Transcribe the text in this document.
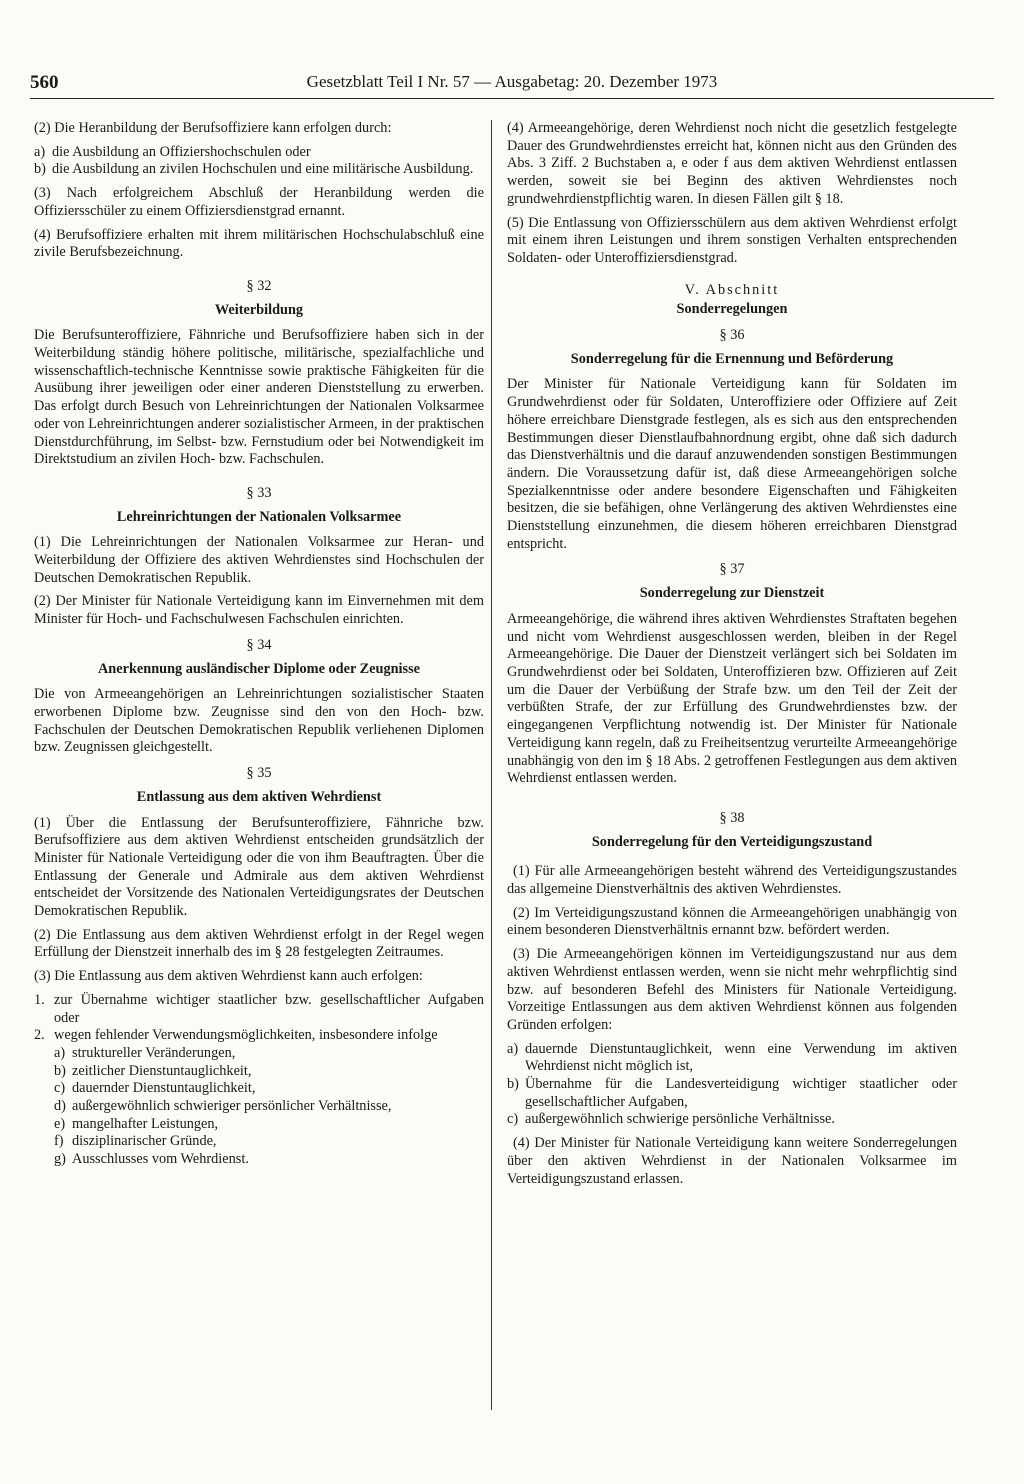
560	Gesetzblatt Teil I Nr. 57 — Ausgabetag: 20. Dezember 1973

(2) Die Heranbildung der Berufsoffiziere kann erfolgen durch:

a) die Ausbildung an Offiziershochschulen oder
b) die Ausbildung an zivilen Hochschulen und eine militärische Ausbildung.

(3) Nach erfolgreichem Abschluß der Heranbildung werden die Offiziersschüler zu einem Offiziersdienstgrad ernannt.

(4) Berufsoffiziere erhalten mit ihrem militärischen Hochschulabschluß eine zivile Berufsbezeichnung.

§ 32
Weiterbildung

Die Berufsunteroffiziere, Fähnriche und Berufsoffiziere haben sich in der Weiterbildung ständig höhere politische, militärische, spezialfachliche und wissenschaftlich-technische Kenntnisse sowie praktische Fähigkeiten für die Ausübung ihrer jeweiligen oder einer anderen Dienststellung zu erwerben. Das erfolgt durch Besuch von Lehreinrichtungen der Nationalen Volksarmee oder von Lehreinrichtungen anderer sozialistischer Armeen, in der praktischen Dienstdurchführung, im Selbst- bzw. Fernstudium oder bei Notwendigkeit im Direktstudium an zivilen Hoch- bzw. Fachschulen.

§ 33
Lehreinrichtungen der Nationalen Volksarmee

(1) Die Lehreinrichtungen der Nationalen Volksarmee zur Heran- und Weiterbildung der Offiziere des aktiven Wehrdienstes sind Hochschulen der Deutschen Demokratischen Republik.

(2) Der Minister für Nationale Verteidigung kann im Einvernehmen mit dem Minister für Hoch- und Fachschulwesen Fachschulen einrichten.

§ 34
Anerkennung ausländischer Diplome oder Zeugnisse

Die von Armeeangehörigen an Lehreinrichtungen sozialistischer Staaten erworbenen Diplome bzw. Zeugnisse sind den von den Hoch- bzw. Fachschulen der Deutschen Demokratischen Republik verliehenen Diplomen bzw. Zeugnissen gleichgestellt.

§ 35
Entlassung aus dem aktiven Wehrdienst

(1) Über die Entlassung der Berufsunteroffiziere, Fähnriche bzw. Berufsoffiziere aus dem aktiven Wehrdienst entscheiden grundsätzlich der Minister für Nationale Verteidigung oder die von ihm Beauftragten. Über die Entlassung der Generale und Admirale aus dem aktiven Wehrdienst entscheidet der Vorsitzende des Nationalen Verteidigungsrates der Deutschen Demokratischen Republik.

(2) Die Entlassung aus dem aktiven Wehrdienst erfolgt in der Regel wegen Erfüllung der Dienstzeit innerhalb des im § 28 festgelegten Zeitraumes.

(3) Die Entlassung aus dem aktiven Wehrdienst kann auch erfolgen:

1. zur Übernahme wichtiger staatlicher bzw. gesellschaftlicher Aufgaben oder
2. wegen fehlender Verwendungsmöglichkeiten, insbesondere infolge
a) struktureller Veränderungen,
b) zeitlicher Dienstuntauglichkeit,
c) dauernder Dienstuntauglichkeit,
d) außergewöhnlich schwieriger persönlicher Verhältnisse,
e) mangelhafter Leistungen,
f) disziplinarischer Gründe,
g) Ausschlusses vom Wehrdienst.

(4) Armeeangehörige, deren Wehrdienst noch nicht die gesetzlich festgelegte Dauer des Grundwehrdienstes erreicht hat, können nicht aus den Gründen des Abs. 3 Ziff. 2 Buchstaben a, e oder f aus dem aktiven Wehrdienst entlassen werden, soweit sie bei Beginn des aktiven Wehrdienstes noch grundwehrdienstpflichtig waren. In diesen Fällen gilt § 18.

(5) Die Entlassung von Offiziersschülern aus dem aktiven Wehrdienst erfolgt mit einem ihren Leistungen und ihrem sonstigen Verhalten entsprechenden Soldaten- oder Unteroffiziersdienstgrad.

V. Abschnitt
Sonderregelungen
§ 36
Sonderregelung für die Ernennung und Beförderung

Der Minister für Nationale Verteidigung kann für Soldaten im Grundwehrdienst oder für Soldaten, Unteroffiziere oder Offiziere auf Zeit höhere erreichbare Dienstgrade festlegen, als es sich aus den entsprechenden Bestimmungen dieser Dienstlaufbahnordnung ergibt, ohne daß sich dadurch das Dienstverhältnis und die darauf anzuwendenden sonstigen Bestimmungen ändern. Die Voraussetzung dafür ist, daß diese Armeeangehörigen solche Spezialkenntnisse oder andere besondere Eigenschaften und Fähigkeiten besitzen, die sie befähigen, ohne Verlängerung des aktiven Wehrdienstes eine Dienststellung einzunehmen, die diesem höheren erreichbaren Dienstgrad entspricht.

§ 37
Sonderregelung zur Dienstzeit

Armeeangehörige, die während ihres aktiven Wehrdienstes Straftaten begehen und nicht vom Wehrdienst ausgeschlossen werden, bleiben in der Regel Armeeangehörige. Die Dauer der Dienstzeit verlängert sich bei Soldaten im Grundwehrdienst oder bei Soldaten, Unteroffizieren bzw. Offizieren auf Zeit um die Dauer der Verbüßung der Strafe bzw. um den Teil der Zeit der verbüßten Strafe, der zur Erfüllung des Grundwehrdienstes bzw. der eingegangenen Verpflichtung notwendig ist. Der Minister für Nationale Verteidigung kann regeln, daß zu Freiheitsentzug verurteilte Armeeangehörige unabhängig von den im § 18 Abs. 2 getroffenen Festlegungen aus dem aktiven Wehrdienst entlassen werden.

§ 38
Sonderregelung für den Verteidigungszustand

(1) Für alle Armeeangehörigen besteht während des Verteidigungszustandes das allgemeine Dienstverhältnis des aktiven Wehrdienstes.

(2) Im Verteidigungszustand können die Armeeangehörigen unabhängig von einem besonderen Dienstverhältnis ernannt bzw. befördert werden.

(3) Die Armeeangehörigen können im Verteidigungszustand nur aus dem aktiven Wehrdienst entlassen werden, wenn sie nicht mehr wehrpflichtig sind bzw. auf besonderen Befehl des Ministers für Nationale Verteidigung. Vorzeitige Entlassungen aus dem aktiven Wehrdienst können aus folgenden Gründen erfolgen:

a) dauernde Dienstuntauglichkeit, wenn eine Verwendung im aktiven Wehrdienst nicht möglich ist,
b) Übernahme für die Landesverteidigung wichtiger staatlicher oder gesellschaftlicher Aufgaben,
c) außergewöhnlich schwierige persönliche Verhältnisse.

(4) Der Minister für Nationale Verteidigung kann weitere Sonderregelungen über den aktiven Wehrdienst in der Nationalen Volksarmee im Verteidigungszustand erlassen.
